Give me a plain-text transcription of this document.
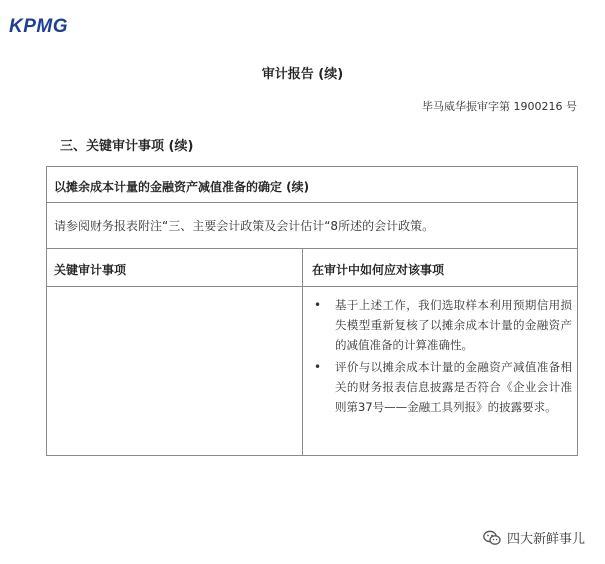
KPMG
审计报告 (续)
毕马威华振审字第 1900216 号
三、关键审计事项 (续)
以摊余成本计量的金融资产减值准备的确定 (续)
请参阅财务报表附注“三、主要会计政策及会计估计“8所述的会计政策。
关键审计事项	在审计中如何应对该事项
• 基于上述工作，我们选取样本利用预期信用损失模型重新复核了以摊余成本计量的金融资产的减值准备的计算准确性。
• 评价与以摊余成本计量的金融资产减值准备相关的财务报表信息披露是否符合《企业会计准则第37号——金融工具列报》的披露要求。
四大新鲜事儿
